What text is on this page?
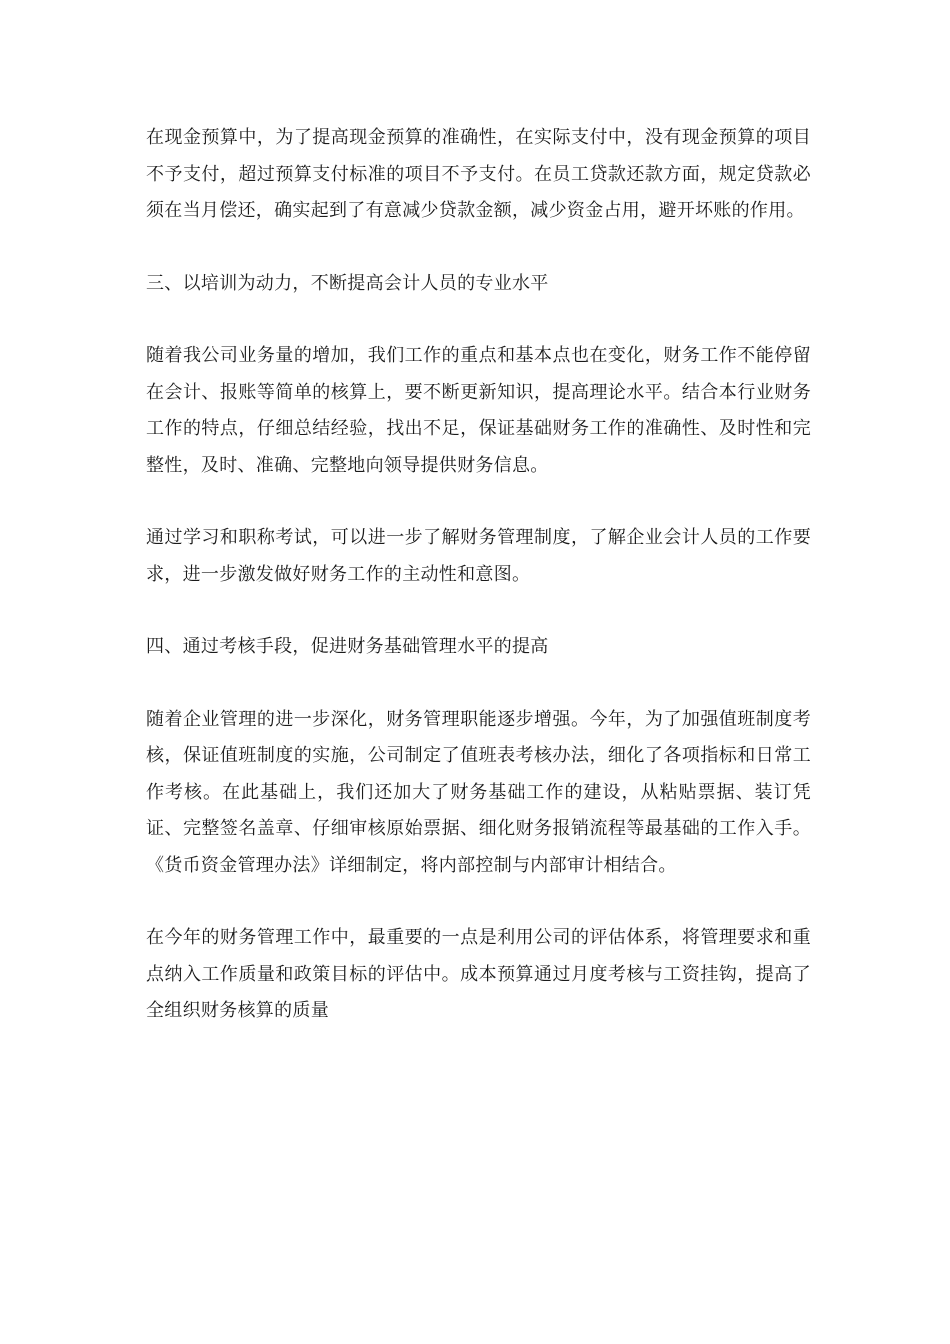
在现金预算中，为了提高现金预算的准确性，在实际支付中，没有现金预算的项目不予支付，超过预算支付标准的项目不予支付。在员工贷款还款方面，规定贷款必须在当月偿还，确实起到了有意减少贷款金额，减少资金占用，避开坏账的作用。

三、以培训为动力，不断提高会计人员的专业水平

随着我公司业务量的增加，我们工作的重点和基本点也在变化，财务工作不能停留在会计、报账等简单的核算上，要不断更新知识，提高理论水平。结合本行业财务工作的特点，仔细总结经验，找出不足，保证基础财务工作的准确性、及时性和完整性，及时、准确、完整地向领导提供财务信息。

通过学习和职称考试，可以进一步了解财务管理制度，了解企业会计人员的工作要求，进一步激发做好财务工作的主动性和意图。

四、通过考核手段，促进财务基础管理水平的提高

随着企业管理的进一步深化，财务管理职能逐步增强。今年，为了加强值班制度考核，保证值班制度的实施，公司制定了值班表考核办法，细化了各项指标和日常工作考核。在此基础上，我们还加大了财务基础工作的建设，从粘贴票据、装订凭证、完整签名盖章、仔细审核原始票据、细化财务报销流程等最基础的工作入手。《货币资金管理办法》详细制定，将内部控制与内部审计相结合。

在今年的财务管理工作中，最重要的一点是利用公司的评估体系，将管理要求和重点纳入工作质量和政策目标的评估中。成本预算通过月度考核与工资挂钩，提高了全组织财务核算的质量
